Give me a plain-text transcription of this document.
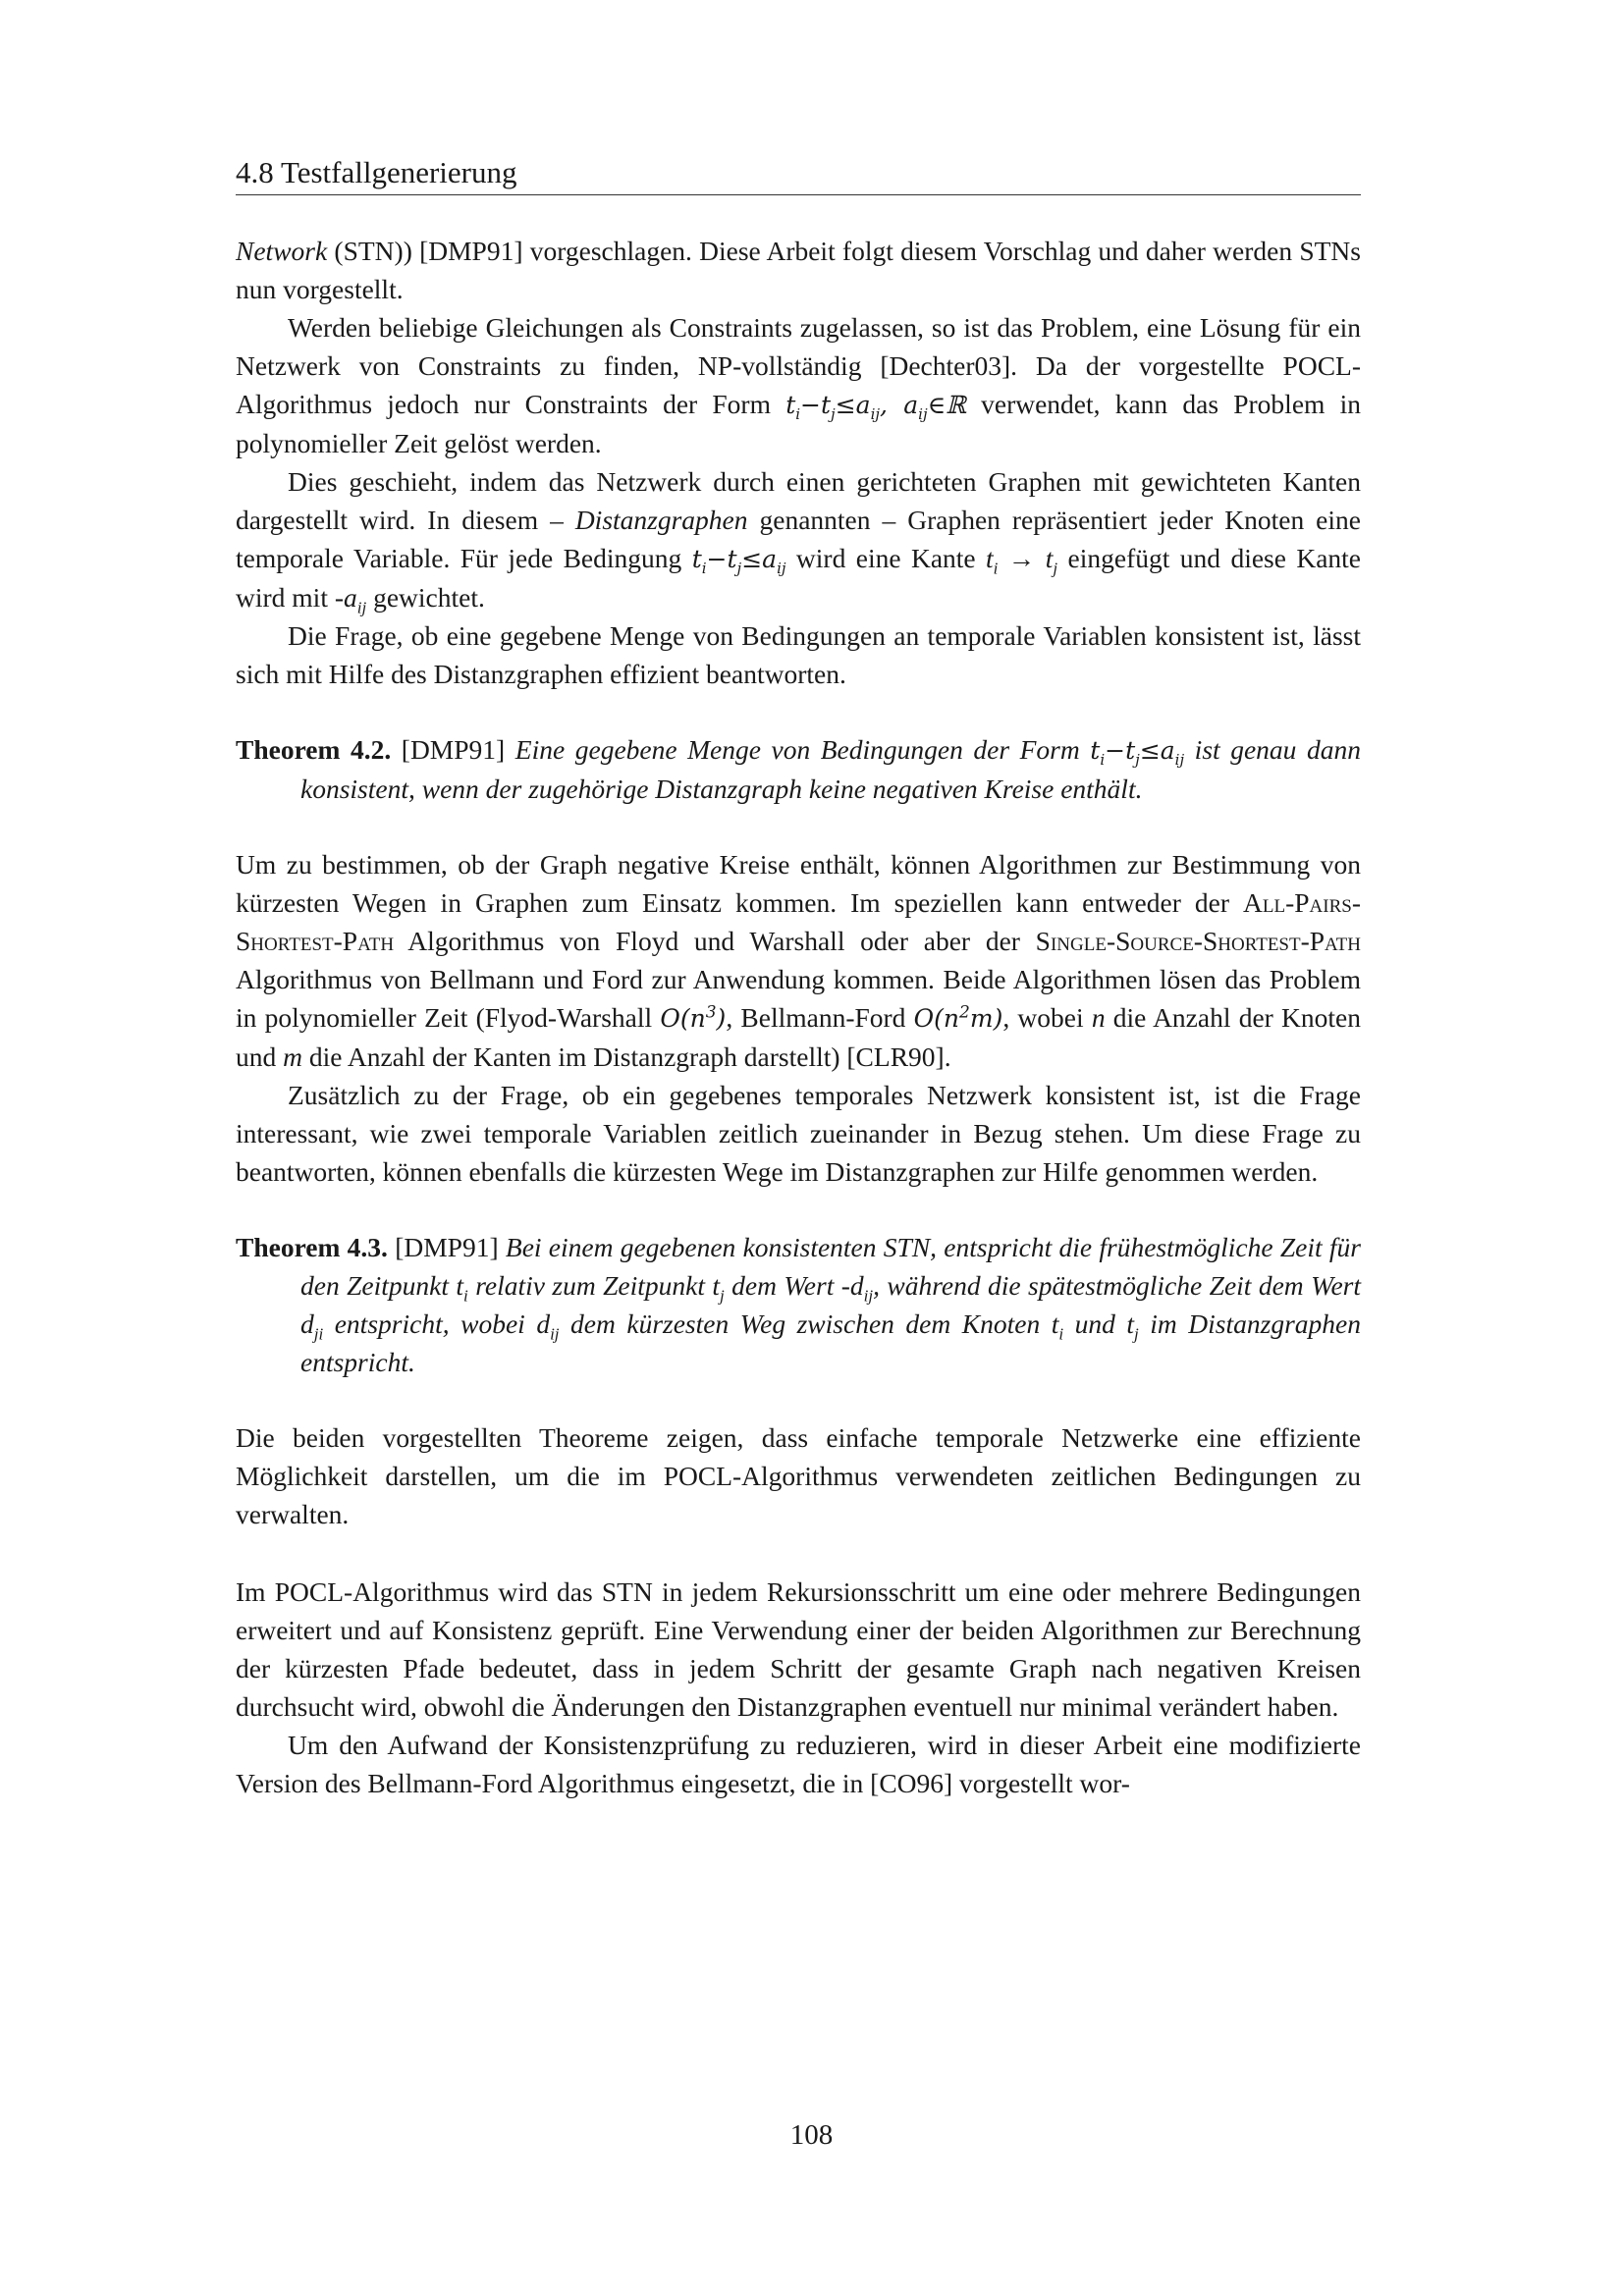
4.8 Testfallgenerierung

Network (STN)) [DMP91] vorgeschlagen. Diese Arbeit folgt diesem Vorschlag und daher werden STNs nun vorgestellt.

Werden beliebige Gleichungen als Constraints zugelassen, so ist das Problem, eine Lösung für ein Netzwerk von Constraints zu finden, NP-vollständig [Dechter03]. Da der vorgestellte POCL-Algorithmus jedoch nur Constraints der Form $t_i-t_j\le a_{ij}$, $a_{ij}\in ℝ$ verwendet, kann das Problem in polynomieller Zeit gelöst werden.

Dies geschieht, indem das Netzwerk durch einen gerichteten Graphen mit gewichteten Kanten dargestellt wird. In diesem – Distanzgraphen genannten – Graphen repräsentiert jeder Knoten eine temporale Variable. Für jede Bedingung $t_i-t_j\le a_{ij}$ wird eine Kante $t_i \to t_j$ eingefügt und diese Kante wird mit $-a_{ij}$ gewichtet.

Die Frage, ob eine gegebene Menge von Bedingungen an temporale Variablen konsistent ist, lässt sich mit Hilfe des Distanzgraphen effizient beantworten.

Theorem 4.2. [DMP91] Eine gegebene Menge von Bedingungen der Form $t_i-t_j\le a_{ij}$ ist genau dann konsistent, wenn der zugehörige Distanzgraph keine negativen Kreise enthält.

Um zu bestimmen, ob der Graph negative Kreise enthält, können Algorithmen zur Bestimmung von kürzesten Wegen in Graphen zum Einsatz kommen. Im speziellen kann entweder der All-Pairs-Shortest-Path Algorithmus von Floyd und Warshall oder aber der Single-Source-Shortest-Path Algorithmus von Bellmann und Ford zur Anwendung kommen. Beide Algorithmen lösen das Problem in polynomieller Zeit (Flyod-Warshall $O(n^3)$, Bellmann-Ford $O(n^2m)$, wobei n die Anzahl der Knoten und m die Anzahl der Kanten im Distanzgraph darstellt) [CLR90].

Zusätzlich zu der Frage, ob ein gegebenes temporales Netzwerk konsistent ist, ist die Frage interessant, wie zwei temporale Variablen zeitlich zueinander in Bezug stehen. Um diese Frage zu beantworten, können ebenfalls die kürzesten Wege im Distanzgraphen zur Hilfe genommen werden.

Theorem 4.3. [DMP91] Bei einem gegebenen konsistenten STN, entspricht die frühestmögliche Zeit für den Zeitpunkt $t_i$ relativ zum Zeitpunkt $t_j$ dem Wert $-d_{ij}$, während die spätestmögliche Zeit dem Wert $d_{ji}$ entspricht, wobei $d_{ij}$ dem kürzesten Weg zwischen dem Knoten $t_i$ und $t_j$ im Distanzgraphen entspricht.

Die beiden vorgestellten Theoreme zeigen, dass einfache temporale Netzwerke eine effiziente Möglichkeit darstellen, um die im POCL-Algorithmus verwendeten zeitlichen Bedingungen zu verwalten.

Im POCL-Algorithmus wird das STN in jedem Rekursionsschritt um eine oder mehrere Bedingungen erweitert und auf Konsistenz geprüft. Eine Verwendung einer der beiden Algorithmen zur Berechnung der kürzesten Pfade bedeutet, dass in jedem Schritt der gesamte Graph nach negativen Kreisen durchsucht wird, obwohl die Änderungen den Distanzgraphen eventuell nur minimal verändert haben.

Um den Aufwand der Konsistenzprüfung zu reduzieren, wird in dieser Arbeit eine modifizierte Version des Bellmann-Ford Algorithmus eingesetzt, die in [CO96] vorgestellt wor-

108
